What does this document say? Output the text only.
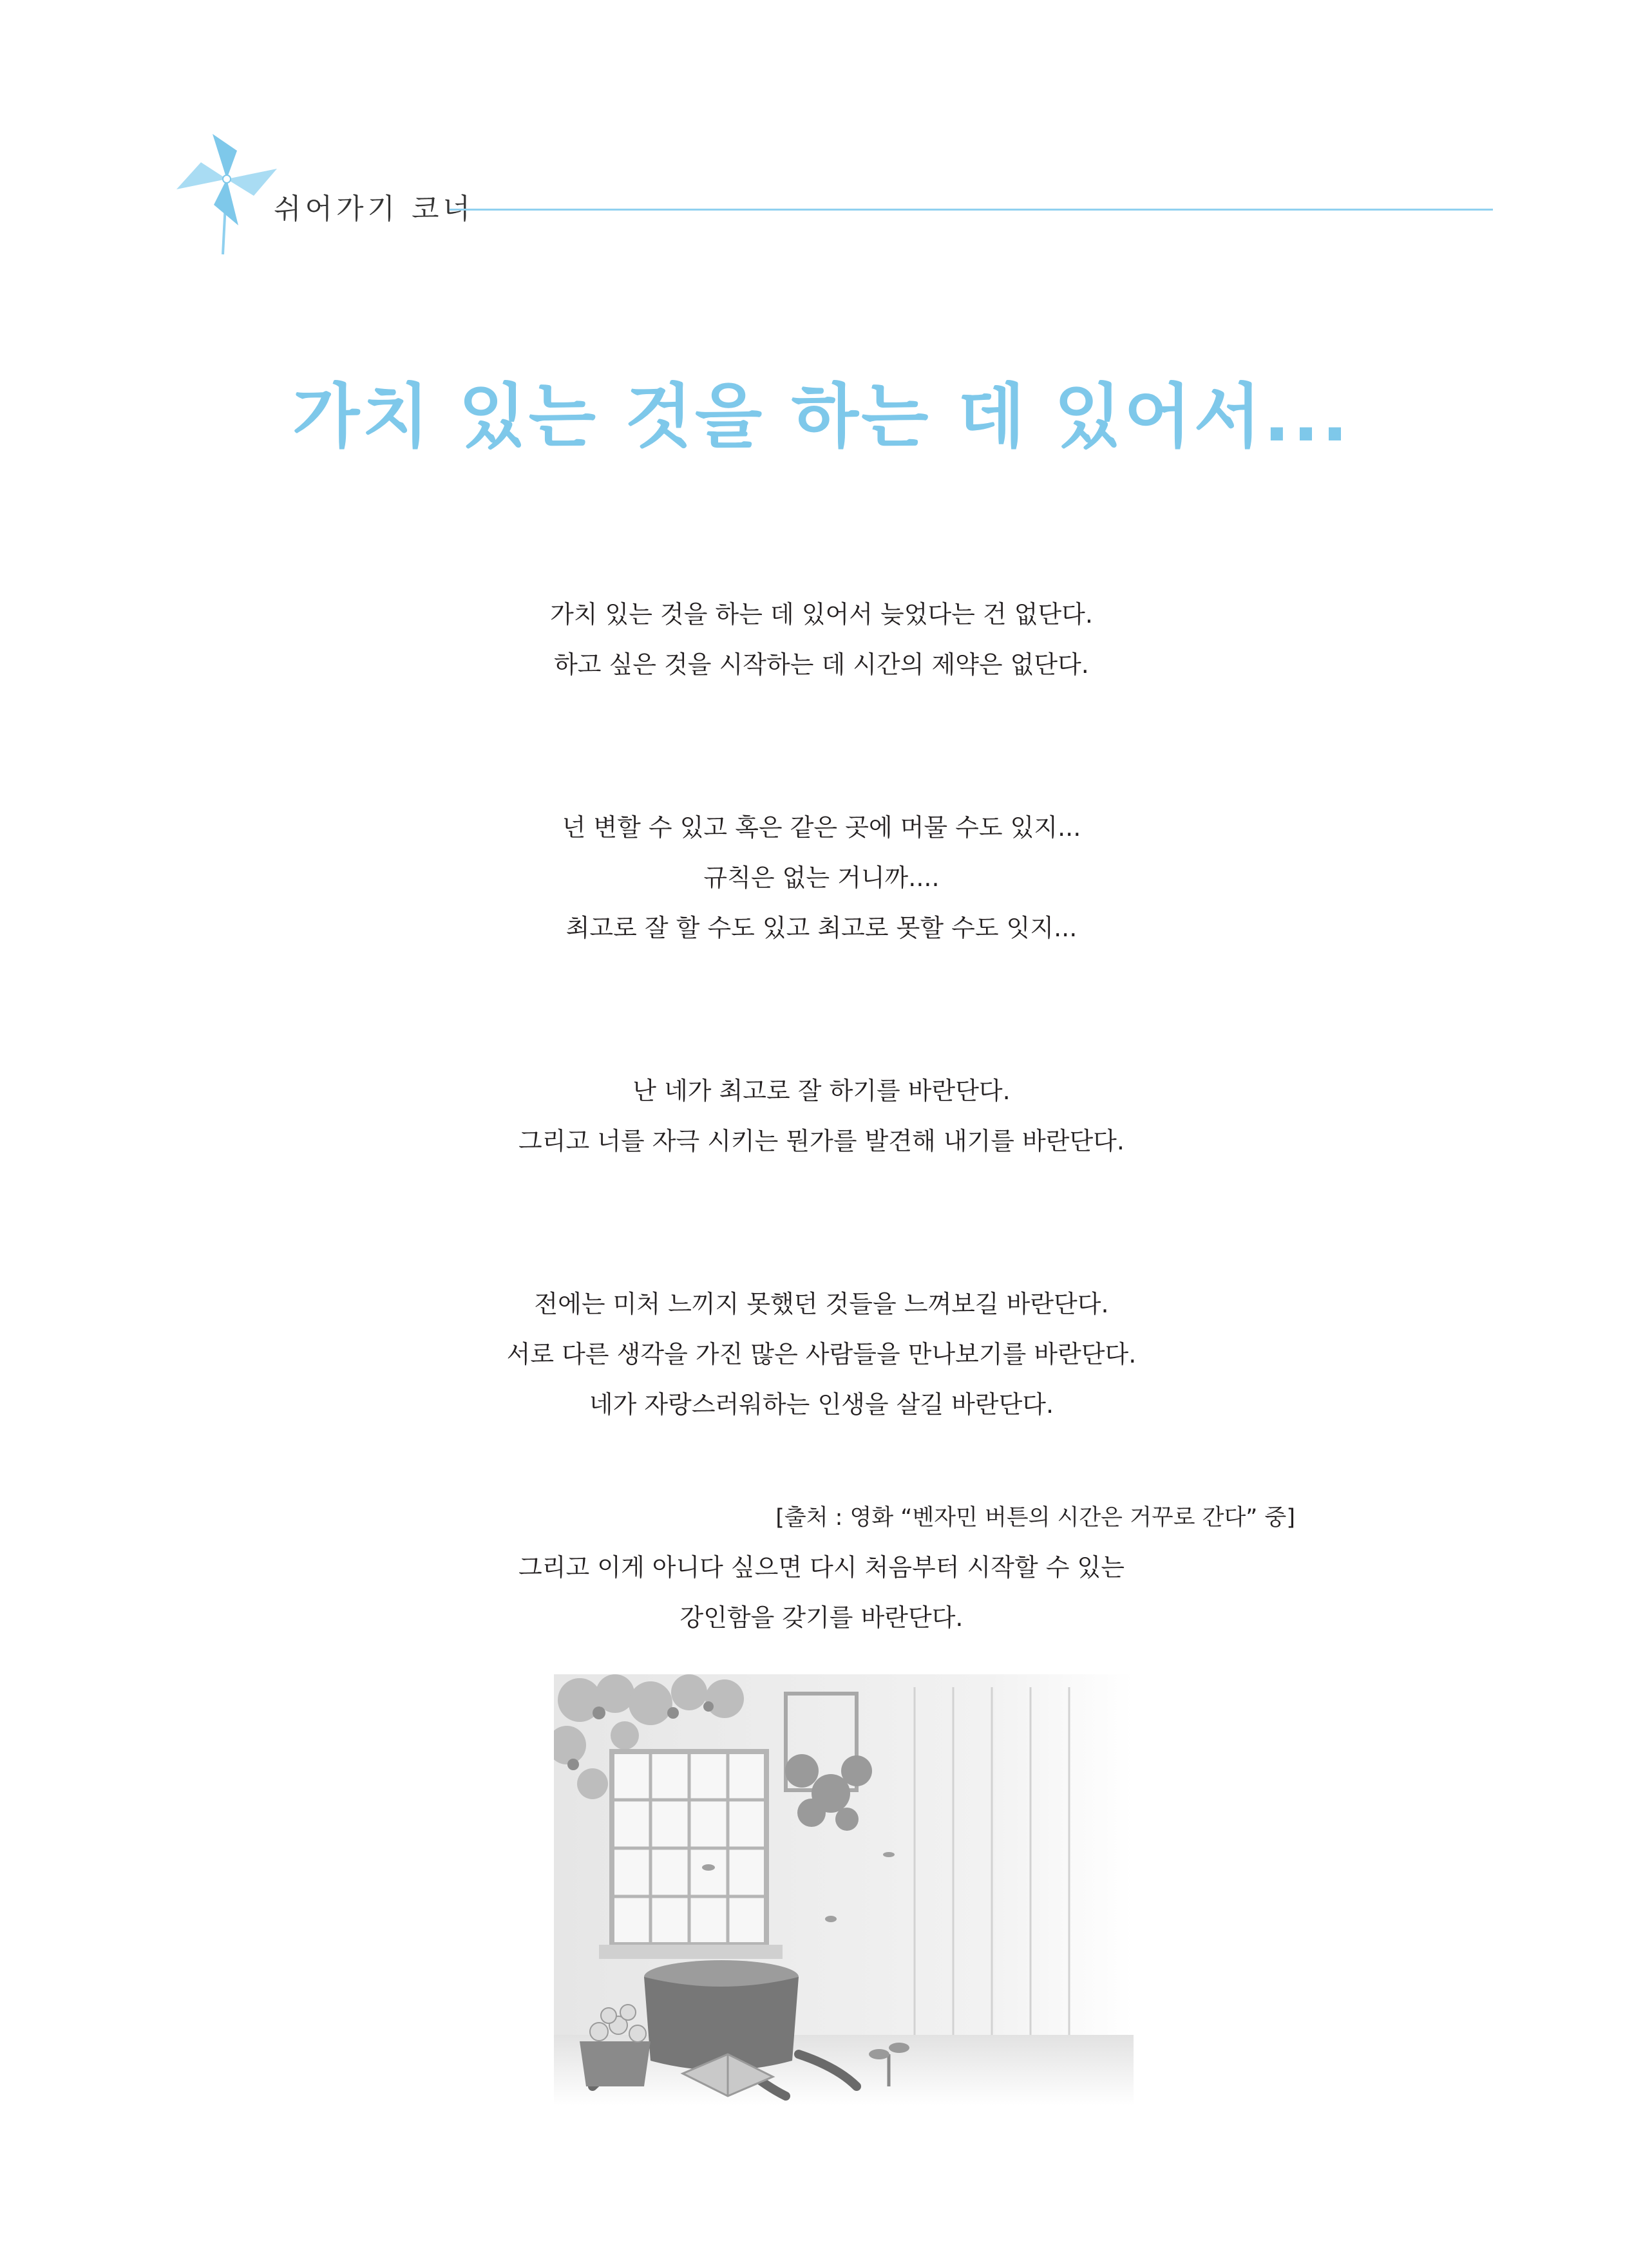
쉬어가기 코너
가치 있는 것을 하는 데 있어서...
가치 있는 것을 하는 데 있어서 늦었다는 건 없단다.
하고 싶은 것을 시작하는 데 시간의 제약은 없단다.
넌 변할 수 있고 혹은 같은 곳에 머물 수도 있지...
규칙은 없는 거니까....
최고로 잘 할 수도 있고 최고로 못할 수도 잇지...
난 네가 최고로 잘 하기를 바란단다.
그리고 너를 자극 시키는 뭔가를 발견해 내기를 바란단다.
전에는 미처 느끼지 못했던 것들을 느껴보길 바란단다.
서로 다른 생각을 가진 많은 사람들을 만나보기를 바란단다.
네가 자랑스러워하는 인생을 살길 바란단다.
그리고 이게 아니다 싶으면 다시 처음부터 시작할 수 있는
강인함을 갖기를 바란단다.
[출처 : 영화 “벤자민 버튼의 시간은 거꾸로 간다” 중]
